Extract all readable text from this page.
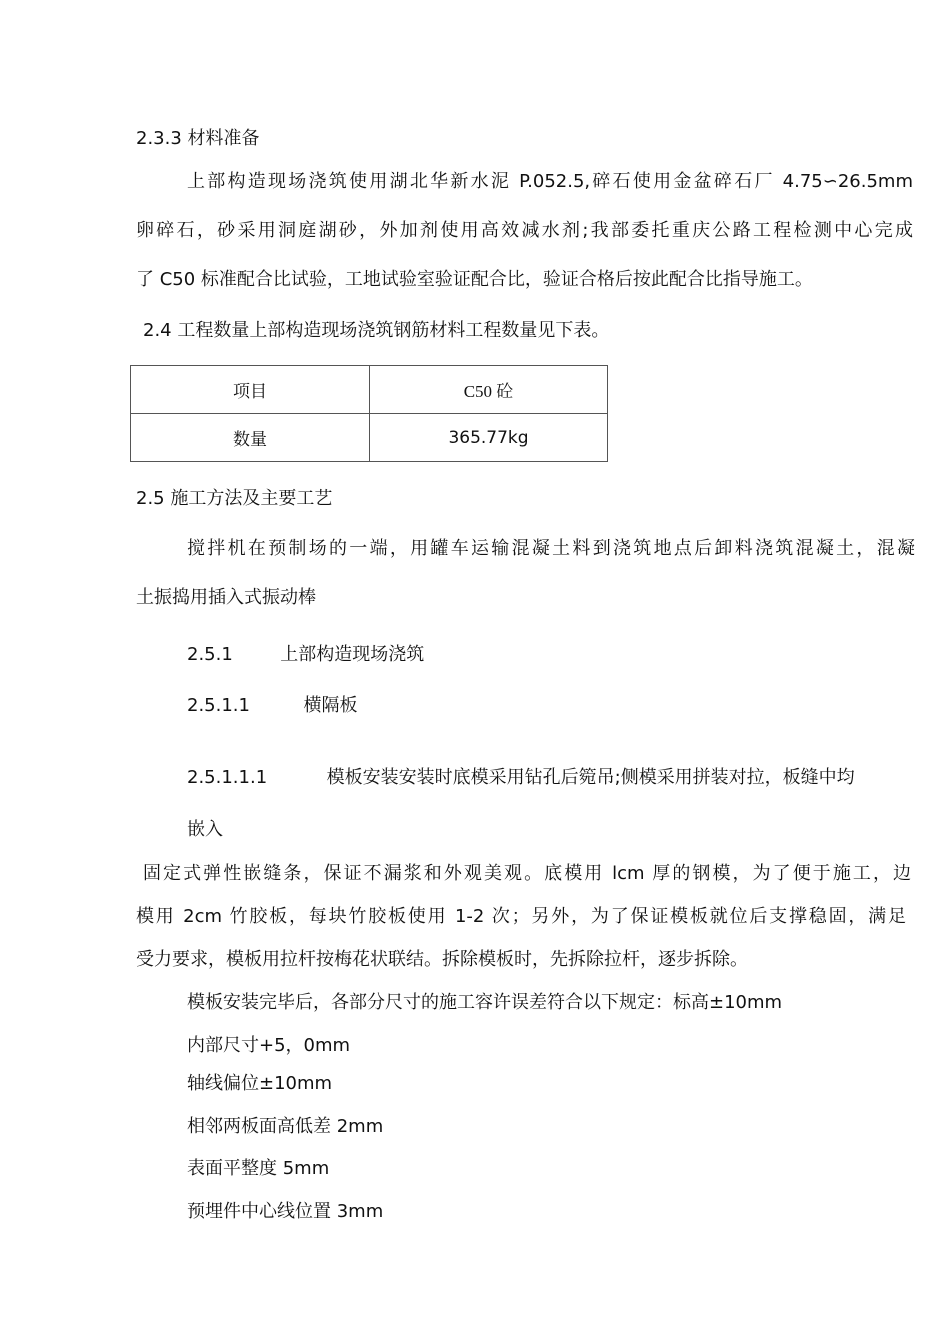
2.3.3 材料准备
上部构造现场浇筑使用湖北华新水泥 P.052.5,碎石使用金盆碎石厂 4.75∽26.5mm
卵碎石，砂采用洞庭湖砂，外加剂使用高效减水剂;我部委托重庆公路工程检测中心完成
了 C50 标准配合比试验，工地试验室验证配合比，验证合格后按此配合比指导施工。
2.4 工程数量上部构造现场浇筑钢筋材料工程数量见下表。
项目	C50 砼
数量	365.77kg
2.5 施工方法及主要工艺
搅拌机在预制场的一端，用罐车运输混凝土料到浇筑地点后卸料浇筑混凝土，混凝
土振捣用插入式振动棒
2.5.1	上部构造现场浇筑
2.5.1.1	横隔板
2.5.1.1.1	模板安装安装时底模采用钻孔后箢吊;侧模采用拼装对拉，板缝中均
嵌入
固定式弹性嵌缝条，保证不漏浆和外观美观。底模用 lcm 厚的钢模，为了便于施工，边
模用 2cm 竹胶板，每块竹胶板使用 1-2 次；另外，为了保证模板就位后支撑稳固，满足
受力要求，模板用拉杆按梅花状联结。拆除模板时，先拆除拉杆，逐步拆除。
模板安装完毕后，各部分尺寸的施工容许误差符合以下规定：标高±10mm
内部尺寸+5，0mm
轴线偏位±10mm
相邻两板面高低差 2mm
表面平整度 5mm
预埋件中心线位置 3mm
